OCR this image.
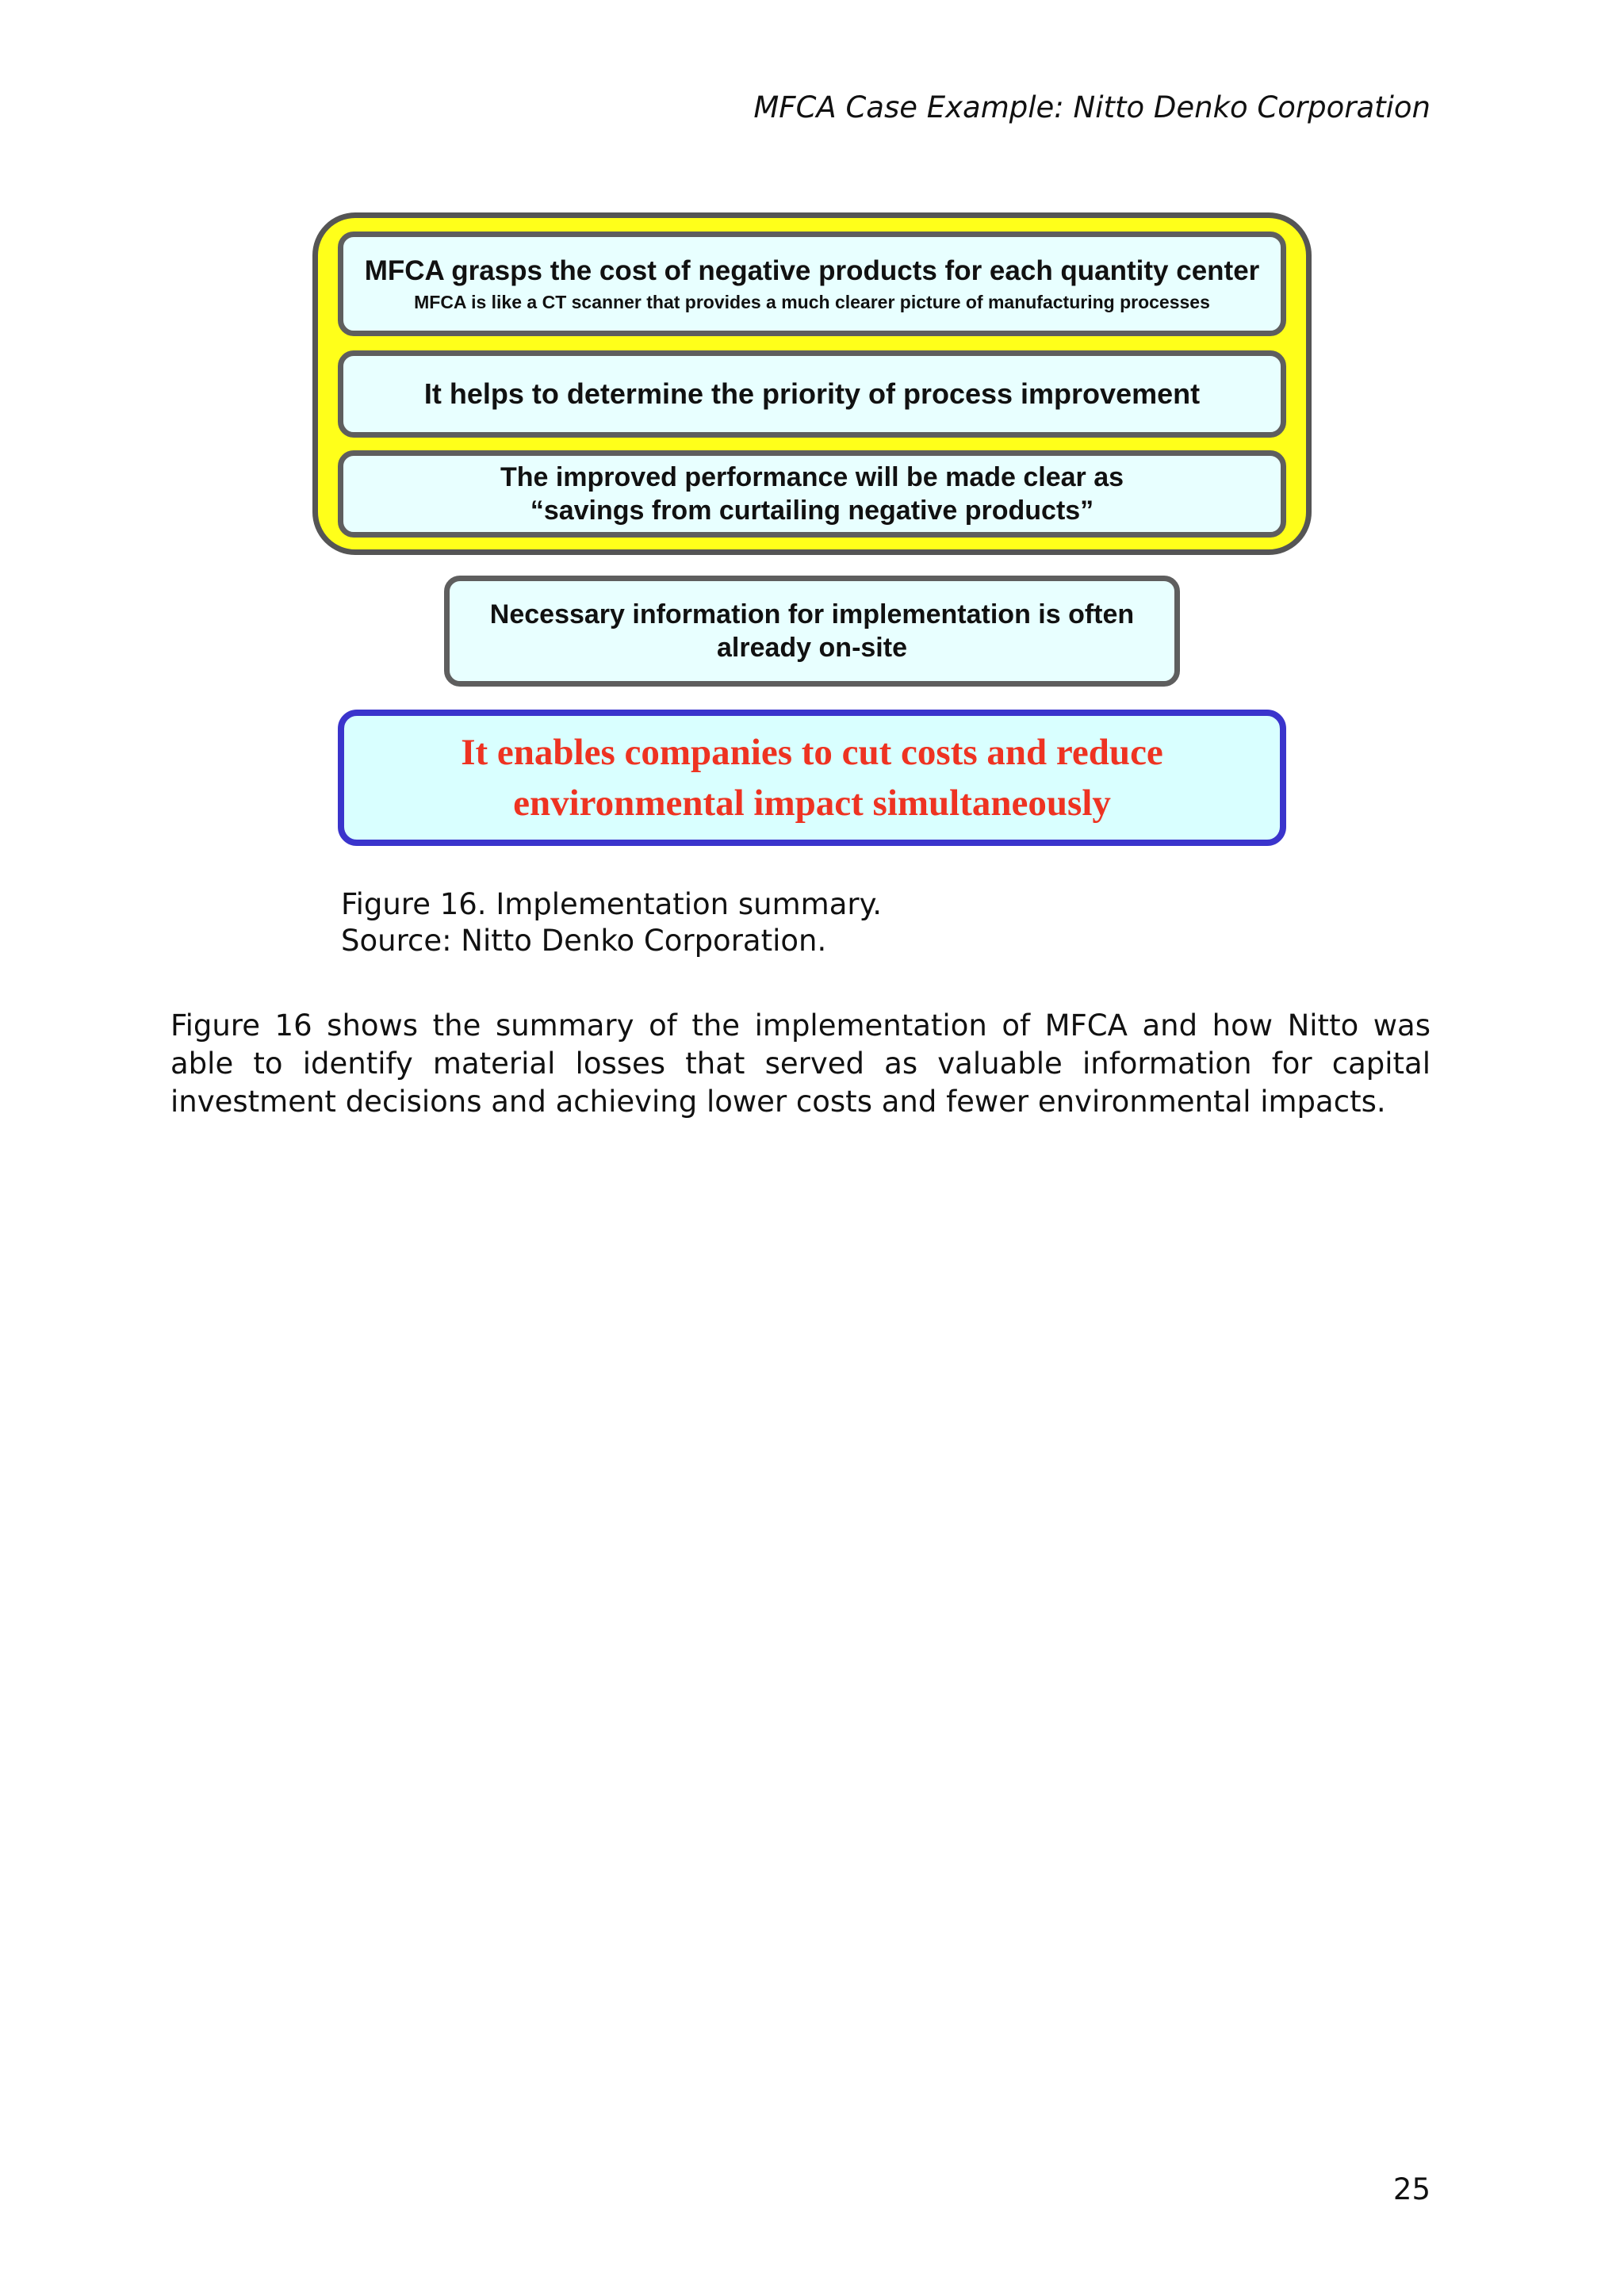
MFCA Case Example: Nitto Denko Corporation
MFCA grasps the cost of negative products for each quantity center
MFCA is like a CT scanner that provides a much clearer picture of manufacturing processes
It helps to determine the priority of process improvement
The improved performance will be made clear as
“savings from curtailing negative products”
Necessary information for implementation is often
already on-site
It enables companies to cut costs and reduce
environmental impact simultaneously
Figure 16. Implementation summary.
Source: Nitto Denko Corporation.
Figure 16 shows the summary of the implementation of MFCA and how Nitto was able to identify material losses that served as valuable information for capital investment decisions and achieving lower costs and fewer environmental impacts.
25
